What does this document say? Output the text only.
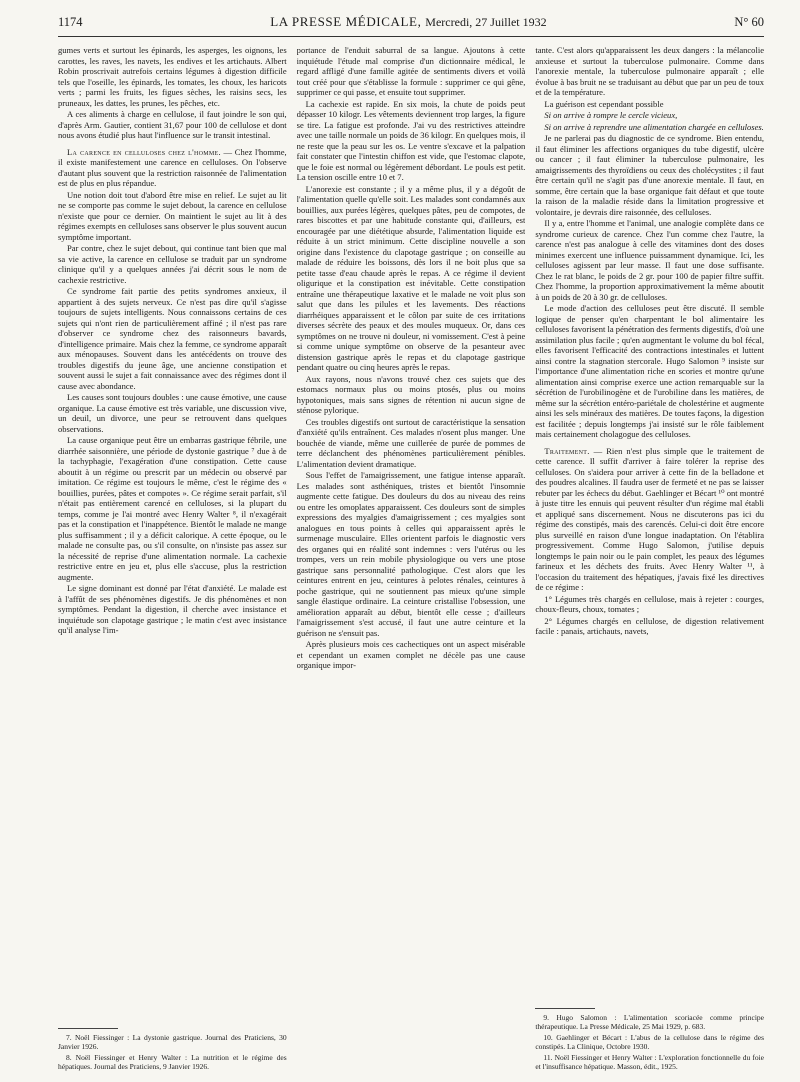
1174	LA PRESSE MÉDICALE, Mercredi, 27 Juillet 1932	N° 60

gumes verts et surtout les épinards, les asperges, les oignons, les carottes, les raves, les navets, les endives et les artichauts. Albert Robin proscrivait autrefois certains légumes à digestion difficile tels que l'oseille, les épinards, les tomates, les choux, les haricots verts ; parmi les fruits, les figues sèches, les raisins secs, les pruneaux, les dattes, les prunes, les pêches, etc.

A ces aliments à charge en cellulose, il faut joindre le son qui, d'après Arm. Gautier, contient 31,67 pour 100 de cellulose et dont nous avons étudié plus haut l'influence sur le transit intestinal.

La carence en celluloses chez l'homme. — Chez l'homme, il existe manifestement une carence en celluloses. On l'observe d'autant plus souvent que la restriction raisonnée de l'alimentation est de plus en plus répandue.

Une notion doit tout d'abord être mise en relief. Le sujet au lit ne se comporte pas comme le sujet debout, la carence en cellulose n'existe que pour ce dernier. On maintient le sujet au lit à des régimes exempts en celluloses sans observer le plus souvent aucun symptôme important.

Par contre, chez le sujet debout, qui continue tant bien que mal sa vie active, la carence en cellulose se traduit par un syndrome clinique qu'il y a quelques années j'ai décrit sous le nom de cachexie restrictive.

Ce syndrome fait partie des petits syndromes anxieux, il appartient à des sujets nerveux. Ce n'est pas dire qu'il s'agisse toujours de sujets intelligents. Nous connaissons certains de ces sujets qui n'ont rien de particulièrement affiné ; il n'est pas rare d'observer ce syndrome chez des raisonneurs bavards, d'intelligence primaire. Mais chez la femme, ce syndrome apparaît aux ménopauses. Souvent dans les antécédents on trouve des troubles digestifs du jeune âge, une ancienne constipation et souvent aussi le sujet a fait connaissance avec des régimes dont il cause avec abondance.

Les causes sont toujours doubles : une cause émotive, une cause organique. La cause émotive est très variable, une discussion vive, un deuil, un divorce, une peur se retrouvent dans quelques observations.

La cause organique peut être un embarras gastrique fébrile, une diarrhée saisonnière, une période de dystonie gastrique ⁷ due à de la tachyphagie, l'exagération d'une constipation. Cette cause aboutit à un régime ou prescrit par un médecin ou observé par imitation. Ce régime est toujours le même, c'est le régime des « bouillies, purées, pâtes et compotes ». Ce régime serait parfait, s'il n'était pas entièrement carencé en celluloses, si la plupart du temps, comme je l'ai montré avec Henry Walter ⁸, il n'exagérait pas et la constipation et l'inappétence. Bientôt le malade ne mange plus suffisamment ; il y a déficit calorique. A cette époque, ou le malade ne consulte pas, ou s'il consulte, on n'insiste pas assez sur la nécessité de reprise d'une alimentation normale. La cachexie restrictive entre en jeu et, plus elle s'accuse, plus la restriction augmente.

Le signe dominant est donné par l'état d'anxiété. Le malade est à l'affût de ses phénomènes digestifs. Je dis phénomènes et non symptômes. Pendant la digestion, il cherche avec insistance et inquiétude son clapotage gastrique ; le matin c'est avec insistance qu'il analyse l'im-

7. Noël Fiessinger : La dystonie gastrique. Journal des Praticiens, 30 Janvier 1926.

8. Noël Fiessinger et Henry Walter : La nutrition et le régime des hépatiques. Journal des Praticiens, 9 Janvier 1926.

portance de l'enduit saburral de sa langue. Ajoutons à cette inquiétude l'étude mal comprise d'un dictionnaire médical, le regard affligé d'une famille agitée de sentiments divers et voilà tout créé pour que s'établisse la formule : supprimer ce qui gêne, supprimer ce qui passe, et ensuite tout supprimer.

La cachexie est rapide. En six mois, la chute de poids peut dépasser 10 kilogr. Les vêtements deviennent trop larges, la figure se tire. La fatigue est profonde. J'ai vu des restrictives atteindre avec une taille normale un poids de 36 kilogr. En quelques mois, il ne reste que la peau sur les os. Le ventre s'excave et la palpation fait constater que l'intestin chiffon est vide, que l'estomac clapote, que le foie est normal ou légèrement débordant. Le pouls est petit. La tension oscille entre 10 et 7.

L'anorexie est constante ; il y a même plus, il y a dégoût de l'alimentation quelle qu'elle soit. Les malades sont condamnés aux bouillies, aux purées légères, quelques pâtes, peu de compotes, de rares biscottes et par une habitude constante qui, d'ailleurs, est encouragée par une diététique absurde, l'alimentation liquide est réduite à un strict minimum. Cette discipline nouvelle a son origine dans l'existence du clapotage gastrique ; on conseille au malade de réduire les boissons, dès lors il ne boit plus que sa petite tasse d'eau chaude après le repas. A ce régime il devient oligurique et la constipation est inévitable. Cette constipation entraîne une thérapeutique laxative et le malade ne voit plus son salut que dans les pilules et les lavements. Des réactions diarrhéiques apparaissent et le côlon par suite de ces irritations diverses sécrète des peaux et des moules muqueux. Or, dans ces symptômes on ne trouve ni douleur, ni vomissement. C'est à peine si comme unique symptôme on observe de la pesanteur avec distension gastrique après le repas et du clapotage gastrique pendant quatre ou cinq heures après le repas.

Aux rayons, nous n'avons trouvé chez ces sujets que des estomacs normaux plus ou moins ptosés, plus ou moins hypotoniques, mais sans signes de rétention ni aucun signe de sténose pylorique.

Ces troubles digestifs ont surtout de caractéristique la sensation d'anxiété qu'ils entraînent. Ces malades n'osent plus manger. Une bouchée de viande, même une cuillerée de purée de pommes de terre déclanchent des phénomènes particulièrement pénibles. L'alimentation devient dramatique.

Sous l'effet de l'amaigrissement, une fatigue intense apparaît. Les malades sont asthéniques, tristes et bientôt l'insomnie augmente cette fatigue. Des douleurs du dos au niveau des reins ou entre les omoplates apparaissent. Ces douleurs sont de simples expressions des myalgies d'amaigrissement ; ces myalgies sont analogues en tous points à celles qui apparaissent après le surmenage musculaire. Elles orientent parfois le diagnostic vers des organes qui en réalité sont indemnes : vers l'utérus ou les trompes, vers un rein mobile physiologique ou vers une ptose gastrique sans personnalité pathologique. C'est alors que les ceintures entrent en jeu, ceintures à pelotes rénales, ceintures à poche gastrique, qui ne soutiennent pas mieux qu'une simple sangle élastique ordinaire. La ceinture cristallise l'obsession, une amélioration apparaît au début, bientôt elle cesse ; d'ailleurs l'amaigrissement s'est accusé, il faut une autre ceinture et la guérison ne s'ensuit pas.

Après plusieurs mois ces cachectiques ont un aspect misérable et cependant un examen complet ne décèle pas une cause organique impor-

tante. C'est alors qu'apparaissent les deux dangers : la mélancolie anxieuse et surtout la tuberculose pulmonaire. Comme dans l'anorexie mentale, la tuberculose pulmonaire apparaît ; elle évolue à bas bruit ne se traduisant au début que par un peu de toux et de la température.

La guérison est cependant possible

Si on arrive à rompre le cercle vicieux,

Si on arrive à reprendre une alimentation chargée en celluloses.

Je ne parlerai pas du diagnostic de ce syndrome. Bien entendu, il faut éliminer les affections organiques du tube digestif, ulcère ou cancer ; il faut éliminer la tuberculose pulmonaire, les amaigrissements des thyroïdiens ou ceux des cholécystites ; il faut être certain qu'il ne s'agit pas d'une anorexie mentale. Il faut, en somme, être certain que la base organique fait défaut et que toute la raison de la maladie réside dans la limitation progressive et volontaire, je devrais dire raisonnée, des celluloses.

Il y a, entre l'homme et l'animal, une analogie complète dans ce syndrome curieux de carence. Chez l'un comme chez l'autre, la carence n'est pas analogue à celle des vitamines dont des doses minimes exercent une influence puissamment dynamique. Ici, les celluloses agissent par leur masse. Il faut une dose suffisante. Chez le rat blanc, le poids de 2 gr. pour 100 de papier filtre suffit. Chez l'homme, la proportion approximativement la même aboutit à un poids de 20 à 30 gr. de celluloses.

Le mode d'action des celluloses peut être discuté. Il semble logique de penser qu'en charpentant le bol alimentaire les celluloses favorisent la pénétration des ferments digestifs, d'où une assimilation plus facile ; qu'en augmentant le volume du bol fécal, elles favorisent l'efficacité des contractions intestinales et luttent ainsi contre la stagnation stercorale. Hugo Salomon ⁹ insiste sur l'importance d'une alimentation riche en scories et montre qu'une alimentation ainsi comprise exerce une action remarquable sur la sécrétion de l'urobilinogène et de l'urobiline dans les matières, de même sur la sécrétion entéro-pariétale de cholestérine et augmente ainsi les sels minéraux des matières. De toutes façons, la digestion est facilitée ; depuis longtemps j'ai insisté sur le rôle faiblement mais certainement cholagogue des celluloses.

Traitement. — Rien n'est plus simple que le traitement de cette carence. Il suffit d'arriver à faire tolérer la reprise des celluloses. On s'aidera pour arriver à cette fin de la belladone et des poudres alcalines. Il faudra user de fermeté et ne pas se laisser rebuter par les échecs du début. Gaehlinger et Bécart ¹⁰ ont montré à juste titre les ennuis qui peuvent résulter d'un régime mal établi et appliqué sans discernement. Nous ne discuterons pas ici du régime des constipés, mais des carencés. Celui-ci doit être encore plus surveillé en raison d'une longue inadaptation. On l'établira progressivement. Comme Hugo Salomon, j'utilise depuis longtemps le pain noir ou le pain complet, les peaux des légumes farineux et les déchets des fruits. Avec Henry Walter ¹¹, à l'occasion du traitement des hépatiques, j'avais fixé les directives de ce régime :

1° Légumes très chargés en cellulose, mais à rejeter : courges, choux-fleurs, choux, tomates ;

2° Légumes chargés en cellulose, de digestion relativement facile : panais, artichauts, navets,

9. Hugo Salomon : L'alimentation scoriacée comme principe thérapeutique. La Presse Médicale, 25 Mai 1929, p. 683.

10. Gaehlinger et Bécart : L'abus de la cellulose dans le régime des constipés. La Clinique, Octobre 1930.

11. Noël Fiessinger et Henry Walter : L'exploration fonctionnelle du foie et l'insuffisance hépatique. Masson, édit., 1925.
